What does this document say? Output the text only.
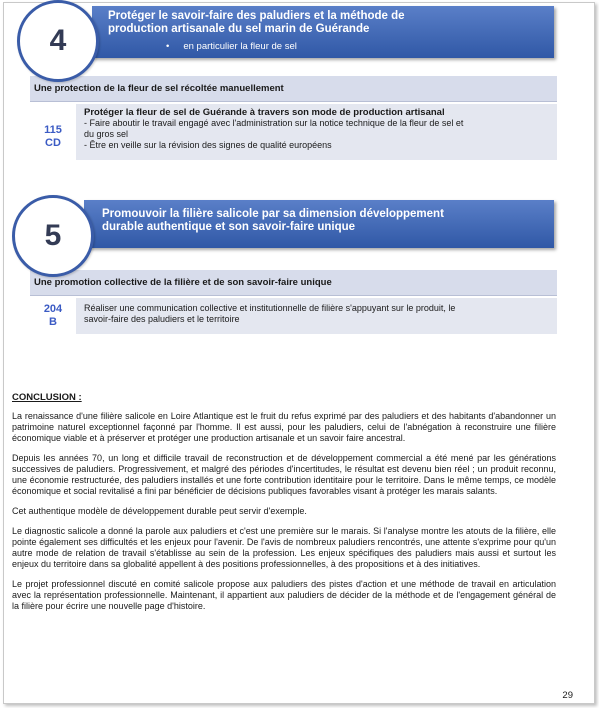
Protéger le savoir-faire des paludiers et la méthode de
production artisanale du sel marin de Guérande
• en particulier la fleur de sel
4
Une protection de la fleur de sel récoltée manuellement
115
CD
Protéger la fleur de sel de Guérande à travers son mode de production artisanal
- Faire aboutir le travail engagé avec l'administration sur la notice technique de la fleur de sel et
du gros sel
- Être en veille sur la révision des signes de qualité européens
Promouvoir la filière salicole par sa dimension développement
durable authentique et son savoir-faire unique
5
Une promotion collective de la filière et de son savoir-faire unique
204
B
Réaliser une communication collective et institutionnelle de filière s'appuyant sur le produit, le
savoir-faire des paludiers et le territoire
CONCLUSION :

La renaissance d'une filière salicole en Loire Atlantique est le fruit du refus exprimé par des paludiers et des habitants d'abandonner un patrimoine naturel exceptionnel façonné par l'homme. Il est aussi, pour les paludiers, celui de l'abnégation à reconstruire une filière économique viable et à préserver et protéger une production artisanale et un savoir faire ancestral.

Depuis les années 70, un long et difficile travail de reconstruction et de développement commercial a été mené par les générations successives de paludiers. Progressivement, et malgré des périodes d'incertitudes, le résultat est devenu bien réel ; un produit reconnu, une économie restructurée, des paludiers installés et une forte contribution identitaire pour le territoire. Dans le même temps, ce modèle économique et social revitalisé a fini par bénéficier de décisions publiques favorables visant à protéger les marais salants.

Cet authentique modèle de développement durable peut servir d'exemple.

Le diagnostic salicole a donné la parole aux paludiers et c'est une première sur le marais. Si l'analyse montre les atouts de la filière, elle pointe également ses difficultés et les enjeux pour l'avenir. De l'avis de nombreux paludiers rencontrés, une attente s'exprime pour qu'un autre mode de relation de travail s'établisse au sein de la profession. Les enjeux spécifiques des paludiers mais aussi et surtout les enjeux du territoire dans sa globalité appellent à des positions professionnelles, à des propositions et à des initiatives.

Le projet professionnel discuté en comité salicole propose aux paludiers des pistes d'action et une méthode de travail en articulation avec la représentation professionnelle. Maintenant, il appartient aux paludiers de décider de la méthode et de l'engagement général de la filière pour écrire une nouvelle page d'histoire.

29
